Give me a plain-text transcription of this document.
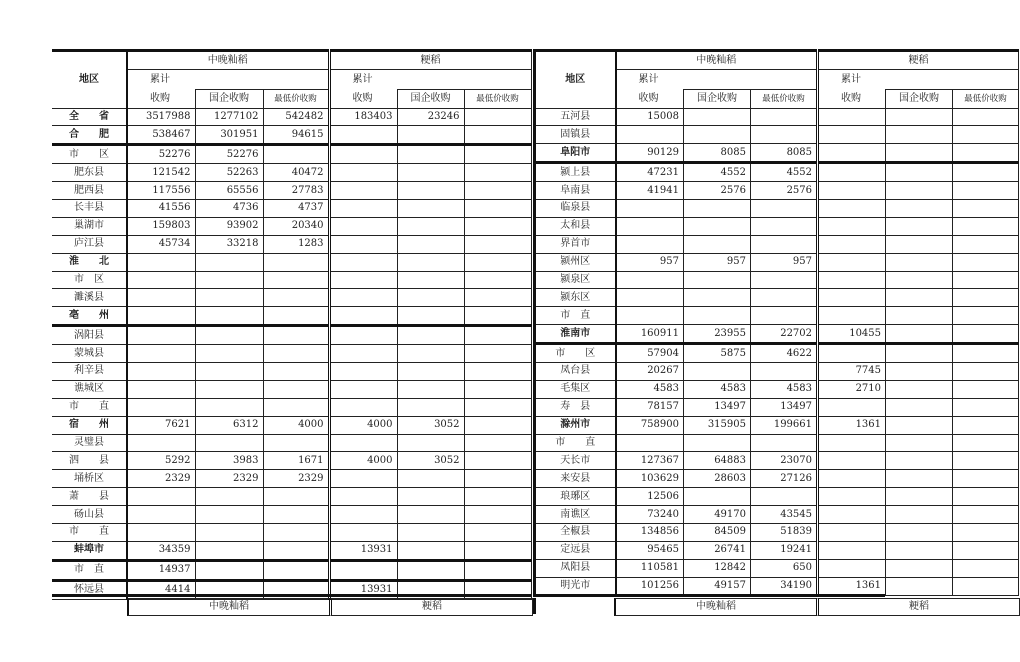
地区	中晚籼稻			粳稻		
	累计			累计		
	收购	国企收购	最低价收购	收购	国企收购	最低价收购
全　　省	3517988	1277102	542482	183403	23246	
合　　肥	538467	301951	94615			
市　　区	52276	52276				
肥东县	121542	52263	40472			
肥西县	117556	65556	27783			
长丰县	41556	4736	4737			
巢湖市	159803	93902	20340			
庐江县	45734	33218	1283			
淮　　北						
市　区						
濉溪县						
亳　　州						
涡阳县						
蒙城县						
利辛县						
谯城区						
市　　直						
宿　　州	7621	6312	4000	4000	3052	
灵璧县						
泗　　县	5292	3983	1671	4000	3052	
埇桥区	2329	2329	2329			
萧　　县						
砀山县						
市　　直						
蚌埠市	34359			13931		
市　直	14937					
怀远县	4414			13931		
地区	中晚籼稻			粳稻		
	累计			累计		
	收购	国企收购	最低价收购	收购	国企收购	最低价收购
五河县	15008					
固镇县						
阜阳市	90129	8085	8085			
颍上县	47231	4552	4552			
阜南县	41941	2576	2576			
临泉县						
太和县						
界首市						
颍州区	957	957	957			
颍泉区						
颍东区						
市　直						
淮南市	160911	23955	22702	10455		
市　　区	57904	5875	4622			
凤台县	20267			7745		
毛集区	4583	4583	4583	2710		
寿　县	78157	13497	13497			
滁州市	758900	315905	199661	1361		
市　　直						
天长市	127367	64883	23070			
来安县	103629	28603	27126			
琅琊区	12506					
南谯区	73240	49170	43545			
全椒县	134856	84509	51839			
定远县	95465	26741	19241			
凤阳县	110581	12842	650			
明光市	101256	49157	34190	1361		
中晚籼稻	粳稻	中晚籼稻	粳稻
